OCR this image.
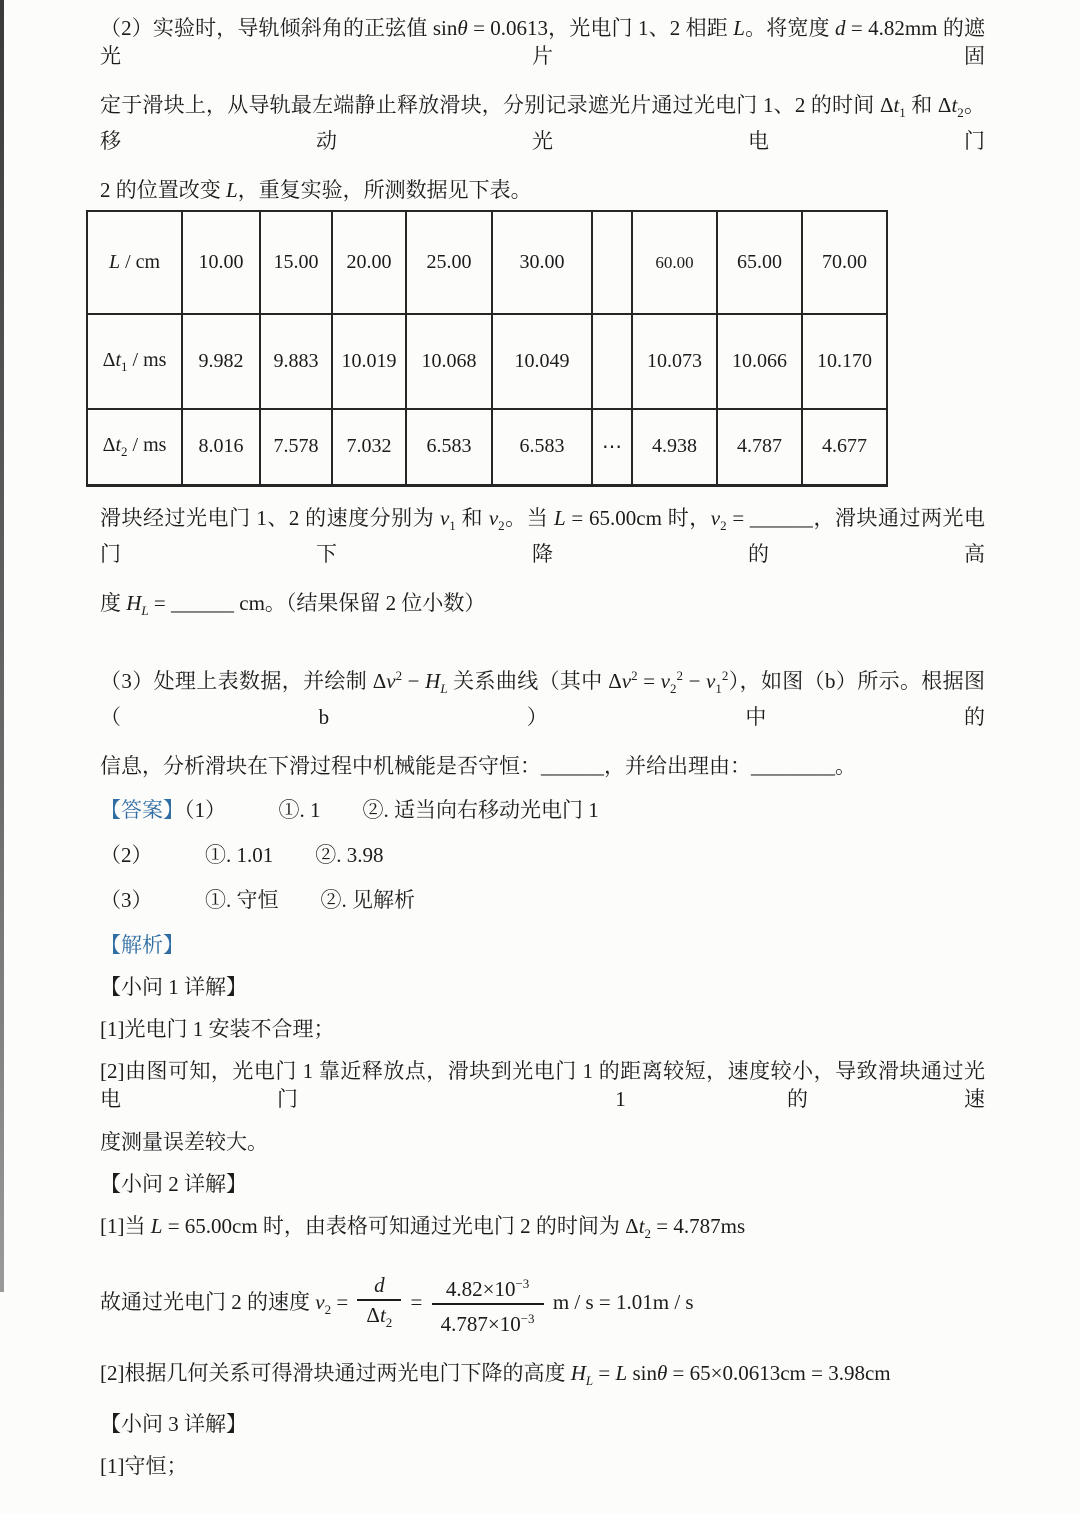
（2）实验时，导轨倾斜角的正弦值 sinθ = 0.0613，光电门 1、2 相距 L。将宽度 d = 4.82mm 的遮光片固
定于滑块上，从导轨最左端静止释放滑块，分别记录遮光片通过光电门 1、2 的时间 $\Delta t_1$ 和 $\Delta t_2$。移动光电门
2 的位置改变 L，重复实验，所测数据见下表。
L / cm	10.00	15.00	20.00	25.00	30.00		60.00	65.00	70.00
$\Delta t_1$ / ms	9.982	9.883	10.019	10.068	10.049		10.073	10.066	10.170
$\Delta t_2$ / ms	8.016	7.578	7.032	6.583	6.583	⋯	4.938	4.787	4.677
滑块经过光电门 1、2 的速度分别为 $v_1$ 和 $v_2$。当 L = 65.00cm 时，$v_2$ = ______，滑块通过两光电门下降的高
度 $H_L$ = ______ cm。（结果保留 2 位小数）
（3）处理上表数据，并绘制 $\Delta v^2 - H_L$ 关系曲线（其中 $\Delta v^2 = v_2^2 - v_1^2$），如图（b）所示。根据图（b）中的
信息，分析滑块在下滑过程中机械能是否守恒：______，并给出理由：________。
【答案】（1）　　　①. 1　　②. 适当向右移动光电门 1
（2）　　　①. 1.01　　②. 3.98
（3）　　　①. 守恒　　②. 见解析
【解析】
【小问 1 详解】
[1]光电门 1 安装不合理；
[2]由图可知，光电门 1 靠近释放点，滑块到光电门 1 的距离较短，速度较小，导致滑块通过光电门 1 的速
度测量误差较大。
【小问 2 详解】
[1]当 L = 65.00cm 时，由表格可知通过光电门 2 的时间为 $\Delta t_2 = 4.787ms$
故通过光电门 2 的速度 $v_2 = \frac{d}{\Delta t_2} = \frac{4.82\times 10^{-3}}{4.787\times 10^{-3}}$ m / s = 1.01m / s
[2]根据几何关系可得滑块通过两光电门下降的高度 $H_L = L$ sinθ = 65×0.0613cm = 3.98cm
【小问 3 详解】
[1]守恒；
